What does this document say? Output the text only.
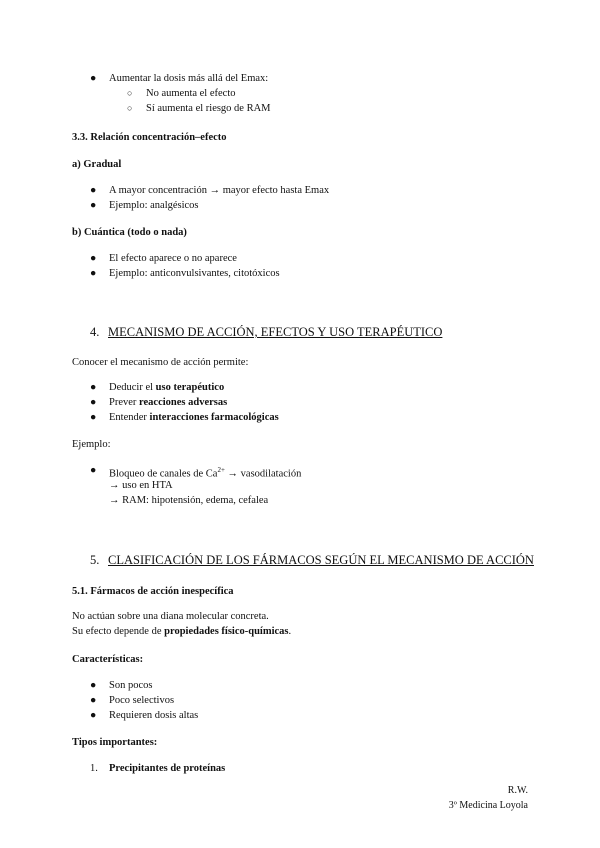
● Aumentar la dosis más allá del Emax:
○ No aumenta el efecto
○ Sí aumenta el riesgo de RAM
3.3. Relación concentración–efecto
a) Gradual
● A mayor concentración → mayor efecto hasta Emax
● Ejemplo: analgésicos
b) Cuántica (todo o nada)
● El efecto aparece o no aparece
● Ejemplo: anticonvulsivantes, citotóxicos
4. MECANISMO DE ACCIÓN, EFECTOS Y USO TERAPÉUTICO
Conocer el mecanismo de acción permite:
● Deducir el uso terapéutico
● Prever reacciones adversas
● Entender interacciones farmacológicas
Ejemplo:
● Bloqueo de canales de $Ca^{2+}$ → vasodilatación
→ uso en HTA
→ RAM: hipotensión, edema, cefalea
5. CLASIFICACIÓN DE LOS FÁRMACOS SEGÚN EL MECANISMO DE ACCIÓN
5.1. Fármacos de acción inespecífica
No actúan sobre una diana molecular concreta.
Su efecto depende de propiedades físico-químicas.
Características:
● Son pocos
● Poco selectivos
● Requieren dosis altas
Tipos importantes:
1. Precipitantes de proteínas
R.W.
3º Medicina Loyola
